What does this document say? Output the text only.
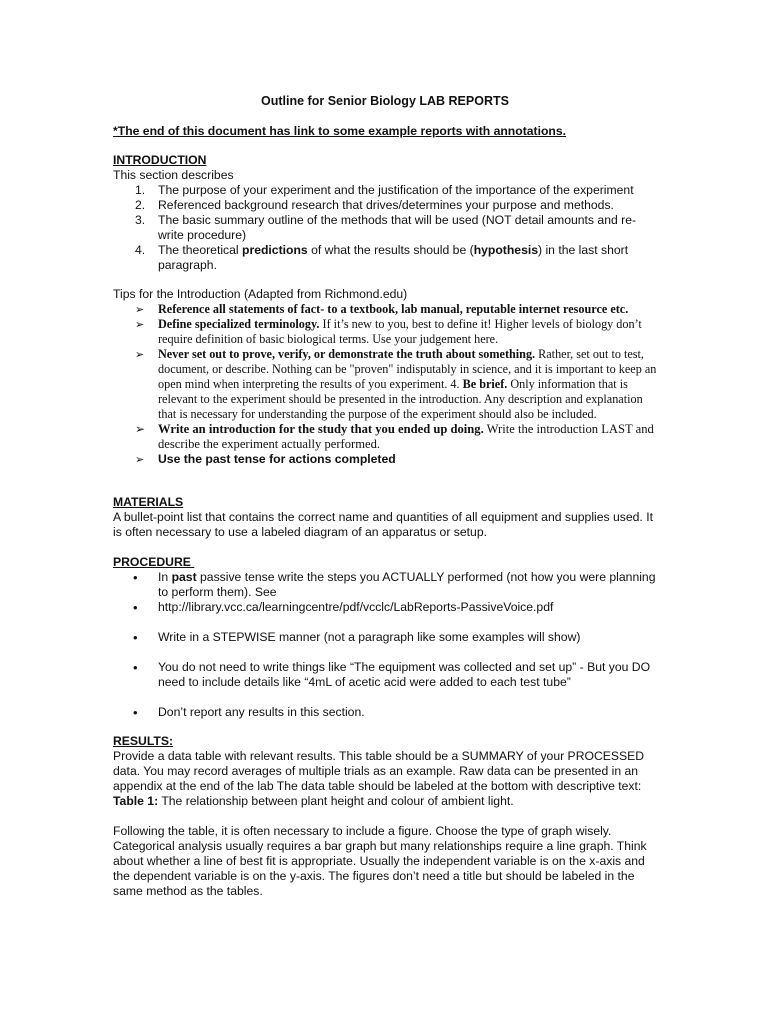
Outline for Senior Biology LAB REPORTS
*The end of this document has link to some example reports with annotations.
INTRODUCTION
This section describes
1. The purpose of your experiment and the justification of the importance of the experiment
2. Referenced background research that drives/determines your purpose and methods.
3. The basic summary outline of the methods that will be used (NOT detail amounts and re-write procedure)
4. The theoretical predictions of what the results should be (hypothesis) in the last short paragraph.
Tips for the Introduction (Adapted from Richmond.edu)
➢ Reference all statements of fact- to a textbook, lab manual, reputable internet resource etc.
➢ Define specialized terminology. If it’s new to you, best to define it! Higher levels of biology don’t require definition of basic biological terms. Use your judgement here.
➢ Never set out to prove, verify, or demonstrate the truth about something. Rather, set out to test, document, or describe. Nothing can be "proven" indisputably in science, and it is important to keep an open mind when interpreting the results of you experiment. 4. Be brief. Only information that is relevant to the experiment should be presented in the introduction. Any description and explanation that is necessary for understanding the purpose of the experiment should also be included.
➢ Write an introduction for the study that you ended up doing. Write the introduction LAST and describe the experiment actually performed.
➢ Use the past tense for actions completed
MATERIALS
A bullet-point list that contains the correct name and quantities of all equipment and supplies used. It is often necessary to use a labeled diagram of an apparatus or setup.
PROCEDURE
• In past passive tense write the steps you ACTUALLY performed (not how you were planning to perform them). See
• http://library.vcc.ca/learningcentre/pdf/vcclc/LabReports-PassiveVoice.pdf
• Write in a STEPWISE manner (not a paragraph like some examples will show)
• You do not need to write things like “The equipment was collected and set up” - But you DO need to include details like “4mL of acetic acid were added to each test tube”
• Don’t report any results in this section.
RESULTS:
Provide a data table with relevant results. This table should be a SUMMARY of your PROCESSED data. You may record averages of multiple trials as an example. Raw data can be presented in an appendix at the end of the lab The data table should be labeled at the bottom with descriptive text:
Table 1: The relationship between plant height and colour of ambient light.
Following the table, it is often necessary to include a figure. Choose the type of graph wisely. Categorical analysis usually requires a bar graph but many relationships require a line graph. Think about whether a line of best fit is appropriate. Usually the independent variable is on the x-axis and the dependent variable is on the y-axis. The figures don’t need a title but should be labeled in the same method as the tables.
